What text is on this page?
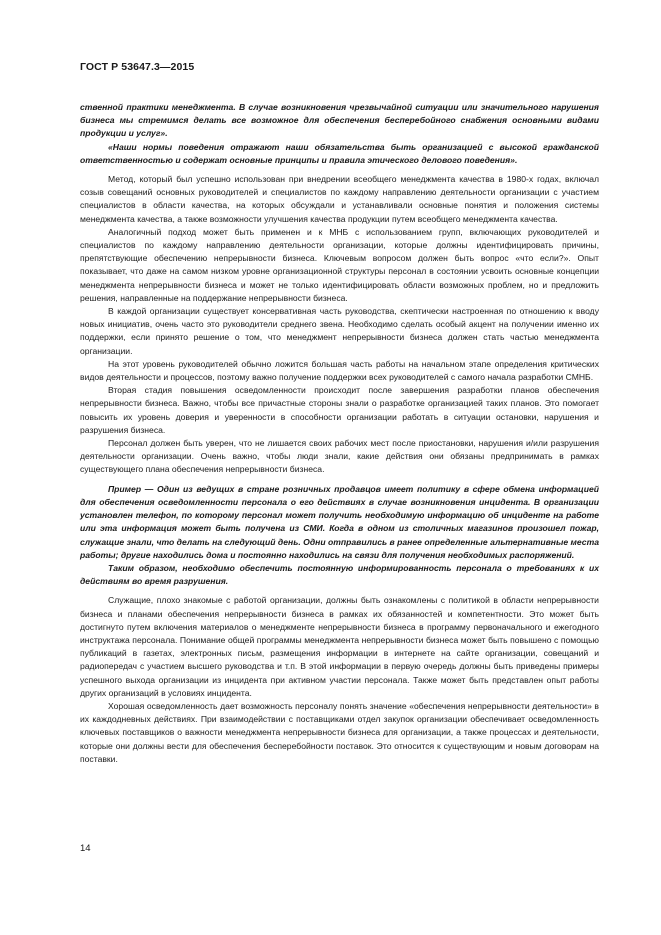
ГОСТ Р 53647.3—2015

ственной практики менеджмента. В случае возникновения чрезвычайной ситуации или значительного нарушения бизнеса мы стремимся делать все возможное для обеспечения бесперебойного снабжения основными видами продукции и услуг».

«Наши нормы поведения отражают наши обязательства быть организацией с высокой гражданской ответственностью и содержат основные принципы и правила этического делового поведения».

Метод, который был успешно использован при внедрении всеобщего менеджмента качества в 1980-х годах, включал созыв совещаний основных руководителей и специалистов по каждому направлению деятельности организации с участием специалистов в области качества, на которых обсуждали и устанавливали основные понятия и положения системы менеджмента качества, а также возможности улучшения качества продукции путем всеобщего менеджмента качества.

Аналогичный подход может быть применен и к МНБ с использованием групп, включающих руководителей и специалистов по каждому направлению деятельности организации, которые должны идентифицировать причины, препятствующие обеспечению непрерывности бизнеса. Ключевым вопросом должен быть вопрос «что если?». Опыт показывает, что даже на самом низком уровне организационной структуры персонал в состоянии усвоить основные концепции менеджмента непрерывности бизнеса и может не только идентифицировать области возможных проблем, но и предложить решения, направленные на поддержание непрерывности бизнеса.

В каждой организации существует консервативная часть руководства, скептически настроенная по отношению к вводу новых инициатив, очень часто это руководители среднего звена. Необходимо сделать особый акцент на получении именно их поддержки, если принято решение о том, что менеджмент непрерывности бизнеса должен стать частью менеджмента организации.

На этот уровень руководителей обычно ложится большая часть работы на начальном этапе определения критических видов деятельности и процессов, поэтому важно получение поддержки всех руководителей с самого начала разработки СМНБ.

Вторая стадия повышения осведомленности происходит после завершения разработки планов обеспечения непрерывности бизнеса. Важно, чтобы все причастные стороны знали о разработке организацией таких планов. Это помогает повысить их уровень доверия и уверенности в способности организации работать в ситуации остановки, нарушения и разрушения бизнеса.

Персонал должен быть уверен, что не лишается своих рабочих мест после приостановки, нарушения и/или разрушения деятельности организации. Очень важно, чтобы люди знали, какие действия они обязаны предпринимать в рамках существующего плана обеспечения непрерывности бизнеса.

Пример — Один из ведущих в стране розничных продавцов имеет политику в сфере обмена информацией для обеспечения осведомленности персонала о его действиях в случае возникновения инцидента. В организации установлен телефон, по которому персонал может получить необходимую информацию об инциденте на работе или эта информация может быть получена из СМИ. Когда в одном из столичных магазинов произошел пожар, служащие знали, что делать на следующий день. Одни отправились в ранее определенные альтернативные места работы; другие находились дома и постоянно находились на связи для получения необходимых распоряжений.

Таким образом, необходимо обеспечить постоянную информированность персонала о требованиях к их действиям во время разрушения.

Служащие, плохо знакомые с работой организации, должны быть ознакомлены с политикой в области непрерывности бизнеса и планами обеспечения непрерывности бизнеса в рамках их обязанностей и компетентности. Это может быть достигнуто путем включения материалов о менеджменте непрерывности бизнеса в программу первоначального и ежегодного инструктажа персонала. Понимание общей программы менеджмента непрерывности бизнеса может быть повышено с помощью публикаций в газетах, электронных письм, размещения информации в интернете на сайте организации, совещаний и радиопередач с участием высшего руководства и т.п. В этой информации в первую очередь должны быть приведены примеры успешного выхода организации из инцидента при активном участии персонала. Также может быть представлен опыт работы других организаций в условиях инцидента.

Хорошая осведомленность дает возможность персоналу понять значение «обеспечения непрерывности деятельности» в их каждодневных действиях. При взаимодействии с поставщиками отдел закупок организации обеспечивает осведомленность ключевых поставщиков о важности менеджмента непрерывности бизнеса для организации, а также процессах и деятельности, которые они должны вести для обеспечения бесперебойности поставок. Это относится к существующим и новым договорам на поставки.

14
